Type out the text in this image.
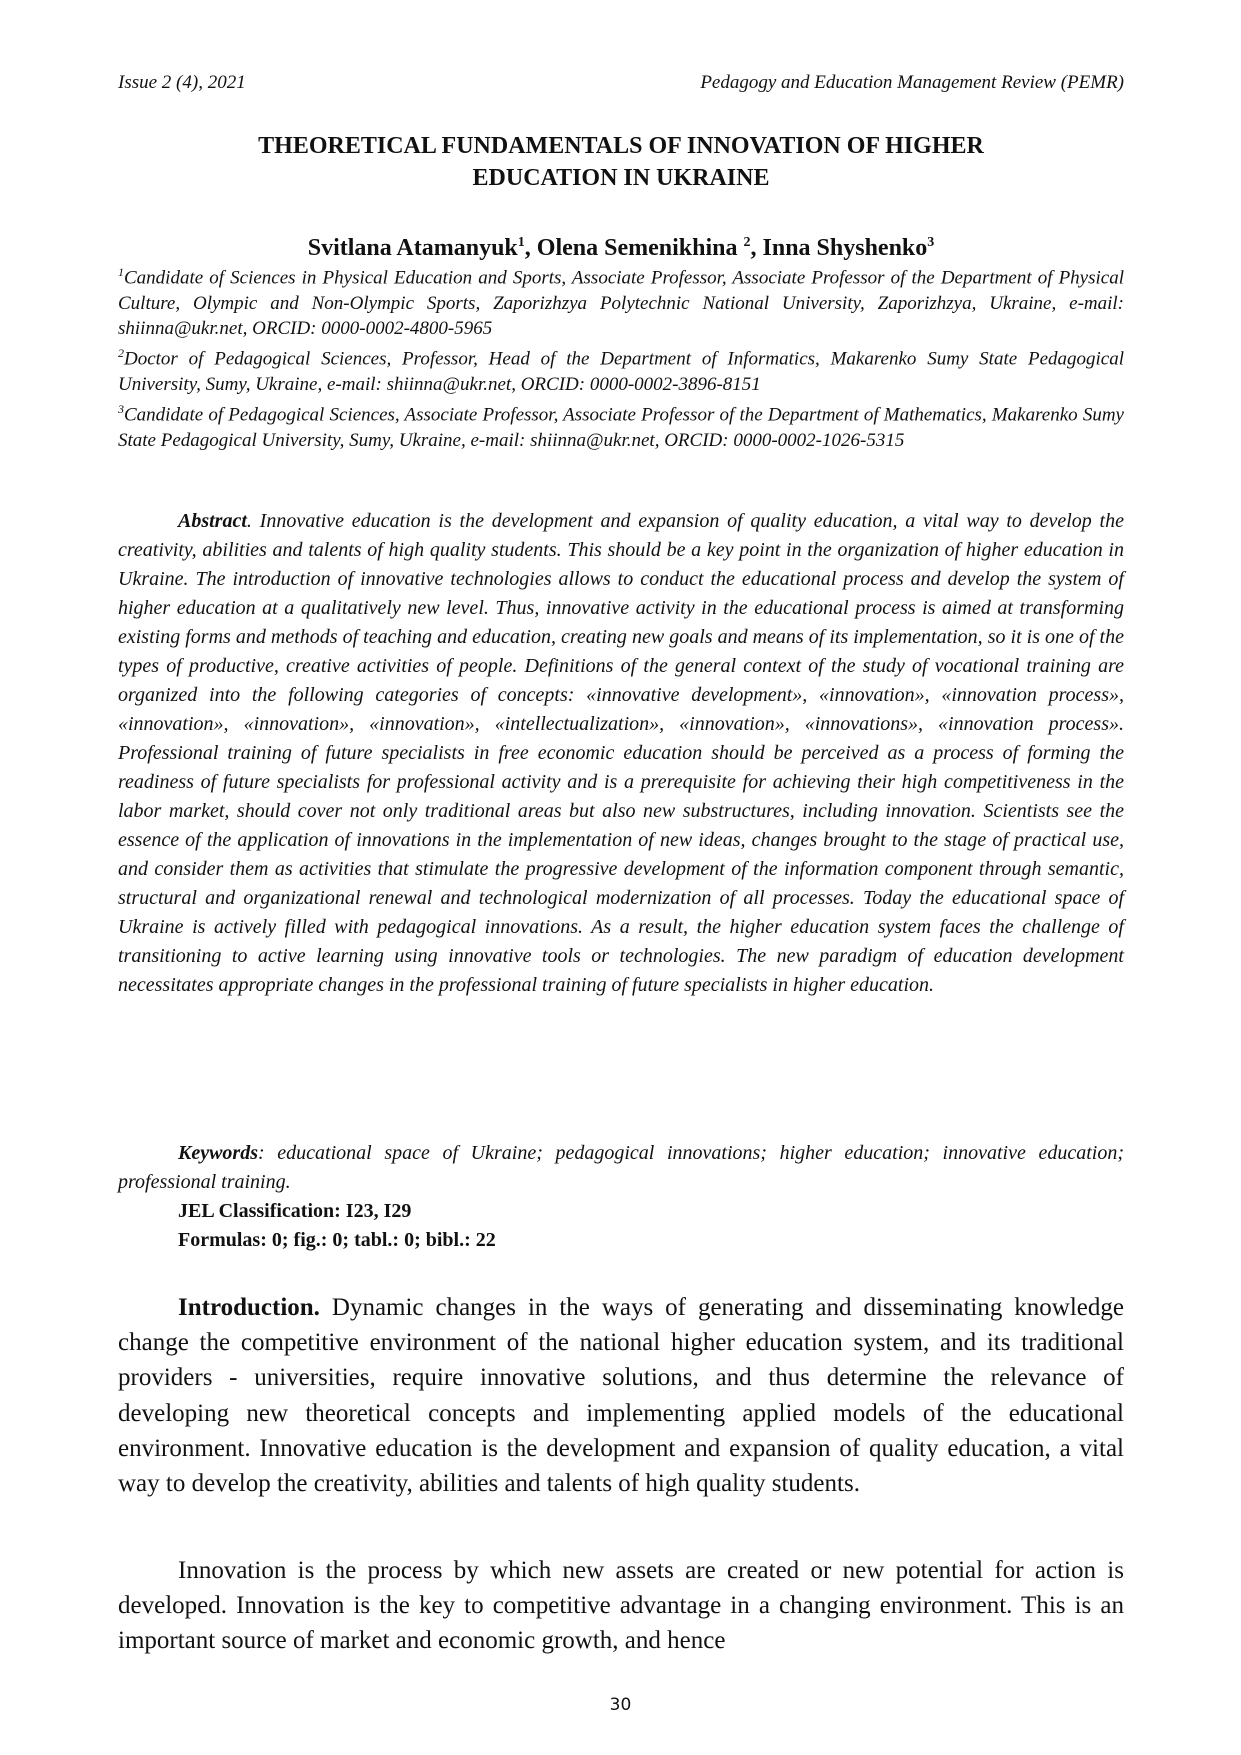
Issue 2 (4), 2021	Pedagogy and Education Management Review (PEMR)
THEORETICAL FUNDAMENTALS OF INNOVATION OF HIGHER
EDUCATION IN UKRAINE
Svitlana Atamanyuk$^1$, Olena Semenikhina $^2$, Inna Shyshenko$^3$

$^1$Candidate of Sciences in Physical Education and Sports, Associate Professor, Associate Professor of the Department of Physical Culture, Olympic and Non-Olympic Sports, Zaporizhzya Polytechnic National University, Zaporizhzya, Ukraine, e-mail: shiinna@ukr.net, ORCID: 0000-0002-4800-5965

$^2$Doctor of Pedagogical Sciences, Professor, Head of the Department of Informatics, Makarenko Sumy State Pedagogical University, Sumy, Ukraine, e-mail: shiinna@ukr.net, ORCID: 0000-0002-3896-8151

$^3$Candidate of Pedagogical Sciences, Associate Professor, Associate Professor of the Department of Mathematics, Makarenko Sumy State Pedagogical University, Sumy, Ukraine, e-mail: shiinna@ukr.net, ORCID: 0000-0002-1026-5315

Abstract. Innovative education is the development and expansion of quality education, a vital way to develop the creativity, abilities and talents of high quality students. This should be a key point in the organization of higher education in Ukraine. The introduction of innovative technologies allows to conduct the educational process and develop the system of higher education at a qualitatively new level. Thus, innovative activity in the educational process is aimed at transforming existing forms and methods of teaching and education, creating new goals and means of its implementation, so it is one of the types of productive, creative activities of people. Definitions of the general context of the study of vocational training are organized into the following categories of concepts: «innovative development», «innovation», «innovation process», «innovation», «innovation», «innovation», «intellectualization», «innovation», «innovations», «innovation process». Professional training of future specialists in free economic education should be perceived as a process of forming the readiness of future specialists for professional activity and is a prerequisite for achieving their high competitiveness in the labor market, should cover not only traditional areas but also new substructures, including innovation. Scientists see the essence of the application of innovations in the implementation of new ideas, changes brought to the stage of practical use, and consider them as activities that stimulate the progressive development of the information component through semantic, structural and organizational renewal and technological modernization of all processes. Today the educational space of Ukraine is actively filled with pedagogical innovations. As a result, the higher education system faces the challenge of transitioning to active learning using innovative tools or technologies. The new paradigm of education development necessitates appropriate changes in the professional training of future specialists in higher education.

Keywords: educational space of Ukraine; pedagogical innovations; higher education; innovative education; professional training.

JEL Classification: I23, I29
Formulas: 0; fig.: 0; tabl.: 0; bibl.: 22

Introduction. Dynamic changes in the ways of generating and disseminating knowledge change the competitive environment of the national higher education system, and its traditional providers - universities, require innovative solutions, and thus determine the relevance of developing new theoretical concepts and implementing applied models of the educational environment. Innovative education is the development and expansion of quality education, a vital way to develop the creativity, abilities and talents of high quality students.

Innovation is the process by which new assets are created or new potential for action is developed. Innovation is the key to competitive advantage in a changing environment. This is an important source of market and economic growth, and hence

30
